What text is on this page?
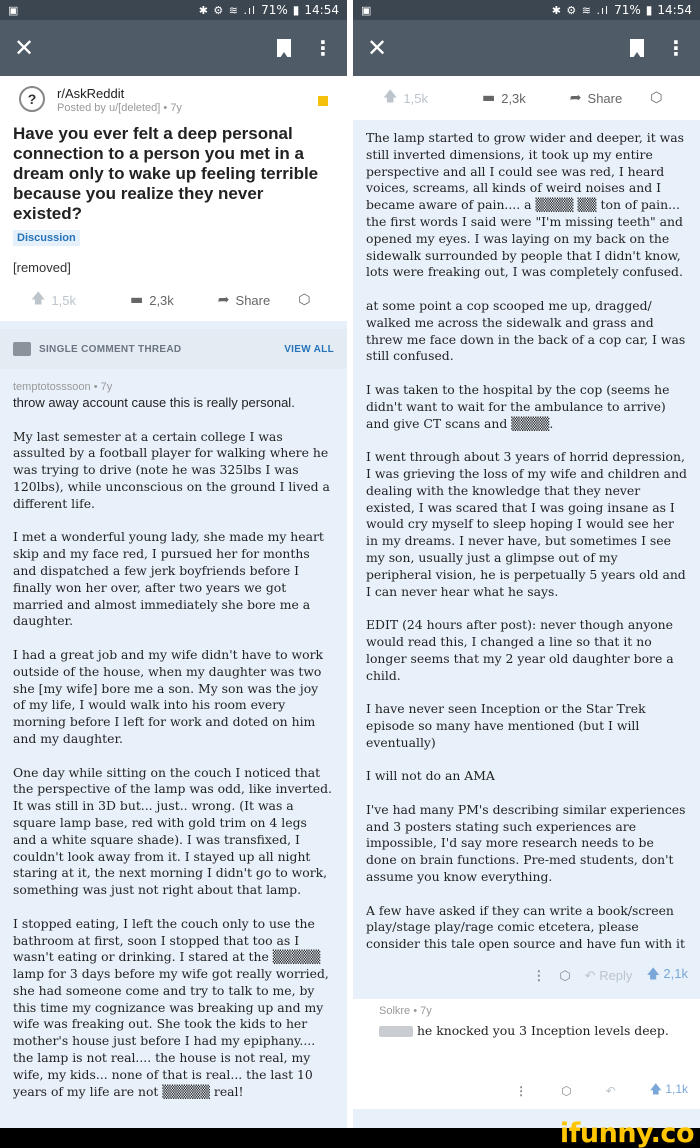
▣	✱ ⚙ ≋ .ıl 71% ▮ 14:54
✕	⋮
?	r/AskReddit
Posted by u/[deleted] • 7y
Have you ever felt a deep personal connection to a person you met in a dream only to wake up feeling terrible because you realize they never existed?
Discussion
[removed]
🡅 1,5k	▬ 2,3k	➦ Share ⬡
SINGLE COMMENT THREAD	VIEW ALL
temptotosssoon • 7y

throw away account cause this is really personal.

My last semester at a certain college I was assulted by a football player for walking where he was trying to drive (note he was 325lbs I was 120lbs), while unconscious on the ground I lived a different life.

I met a wonderful young lady, she made my heart skip and my face red, I pursued her for months and dispatched a few jerk boyfriends before I finally won her over, after two years we got married and almost immediately she bore me a daughter.

I had a great job and my wife didn't have to work outside of the house, when my daughter was two she [my wife] bore me a son. My son was the joy of my life, I would walk into his room every morning before I left for work and doted on him and my daughter.

One day while sitting on the couch I noticed that the perspective of the lamp was odd, like inverted. It was still in 3D but... just.. wrong. (It was a square lamp base, red with gold trim on 4 legs and a white square shade). I was transfixed, I couldn't look away from it. I stayed up all night staring at it, the next morning I didn't go to work, something was just not right about that lamp.

I stopped eating, I left the couch only to use the bathroom at first, soon I stopped that too as I wasn't eating or drinking. I stared at the ▒▒▒▒▒ lamp for 3 days before my wife got really worried, she had someone come and try to talk to me, by this time my cognizance was breaking up and my wife was freaking out. She took the kids to her mother's house just before I had my epiphany.... the lamp is not real.... the house is not real, my wife, my kids... none of that is real... the last 10 years of my life are not ▒▒▒▒▒ real!

▣	✱ ⚙ ≋ .ıl 71% ▮ 14:54
✕	⋮
🡅 1,5k	▬ 2,3k	➦ Share ⬡

The lamp started to grow wider and deeper, it was still inverted dimensions, it took up my entire perspective and all I could see was red, I heard voices, screams, all kinds of weird noises and I became aware of pain.... a ▒▒▒▒ ▒▒ ton of pain... the first words I said were "I'm missing teeth" and opened my eyes. I was laying on my back on the sidewalk surrounded by people that I didn't know, lots were freaking out, I was completely confused.

at some point a cop scooped me up, dragged/ walked me across the sidewalk and grass and threw me face down in the back of a cop car, I was still confused.

I was taken to the hospital by the cop (seems he didn't want to wait for the ambulance to arrive) and give CT scans and ▒▒▒▒.

I went through about 3 years of horrid depression, I was grieving the loss of my wife and children and dealing with the knowledge that they never existed, I was scared that I was going insane as I would cry myself to sleep hoping I would see her in my dreams. I never have, but sometimes I see my son, usually just a glimpse out of my peripheral vision, he is perpetually 5 years old and I can never hear what he says.

EDIT (24 hours after post): never though anyone would read this, I changed a line so that it no longer seems that my 2 year old daughter bore a child.

I have never seen Inception or the Star Trek episode so many have mentioned (but I will eventually)

I will not do an AMA

I've had many PM's describing similar experiences and 3 posters stating such experiences are impossible, I'd say more research needs to be done on brain functions. Pre-med students, don't assume you know everything.

A few have asked if they can write a book/screen play/stage play/rage comic etcetera, please consider this tale open source and have fun with it

⋮ ⬡ ↶ Reply 🡅 2,1k
Solkre • 7y
he knocked you 3 Inception levels deep.
⋮	⬡	↶	🡅 1,1k
ifunny.co
